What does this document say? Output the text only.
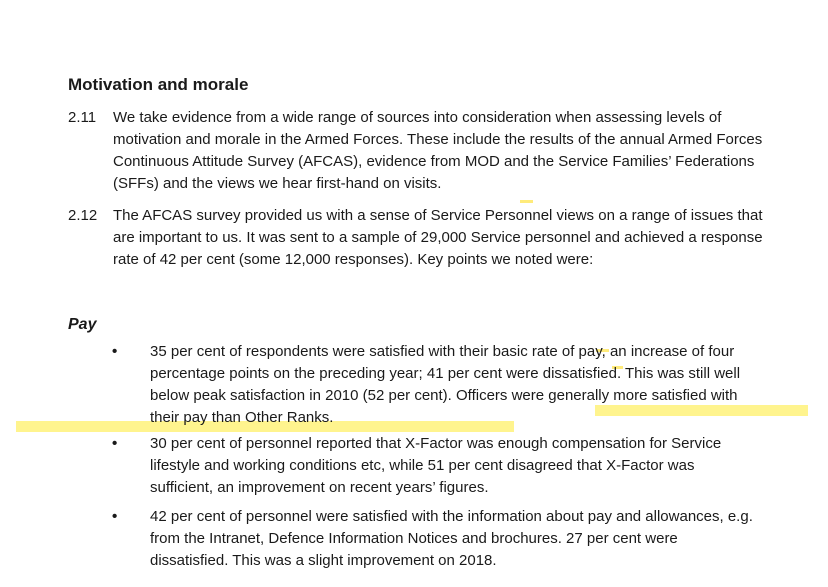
Motivation and morale
2.11 We take evidence from a wide range of sources into consideration when assessing levels of motivation and morale in the Armed Forces. These include the results of the annual Armed Forces Continuous Attitude Survey (AFCAS), evidence from MOD and the Service Families’ Federations (SFFs) and the views we hear first-hand on visits.
2.12 The AFCAS survey provided us with a sense of Service Personnel views on a range of issues that are important to us. It was sent to a sample of 29,000 Service personnel and achieved a response rate of 42 per cent (some 12,000 responses). Key points we noted were:
Pay
• 35 per cent of respondents were satisfied with their basic rate of pay, an increase of four percentage points on the preceding year; 41 per cent were dissatisfied. This was still well below peak satisfaction in 2010 (52 per cent). Officers were generally more satisfied with their pay than Other Ranks.
• 30 per cent of personnel reported that X-Factor was enough compensation for Service lifestyle and working conditions etc, while 51 per cent disagreed that X-Factor was sufficient, an improvement on recent years’ figures.
• 42 per cent of personnel were satisfied with the information about pay and allowances, e.g. from the Intranet, Defence Information Notices and brochures. 27 per cent were dissatisfied. This was a slight improvement on 2018.
